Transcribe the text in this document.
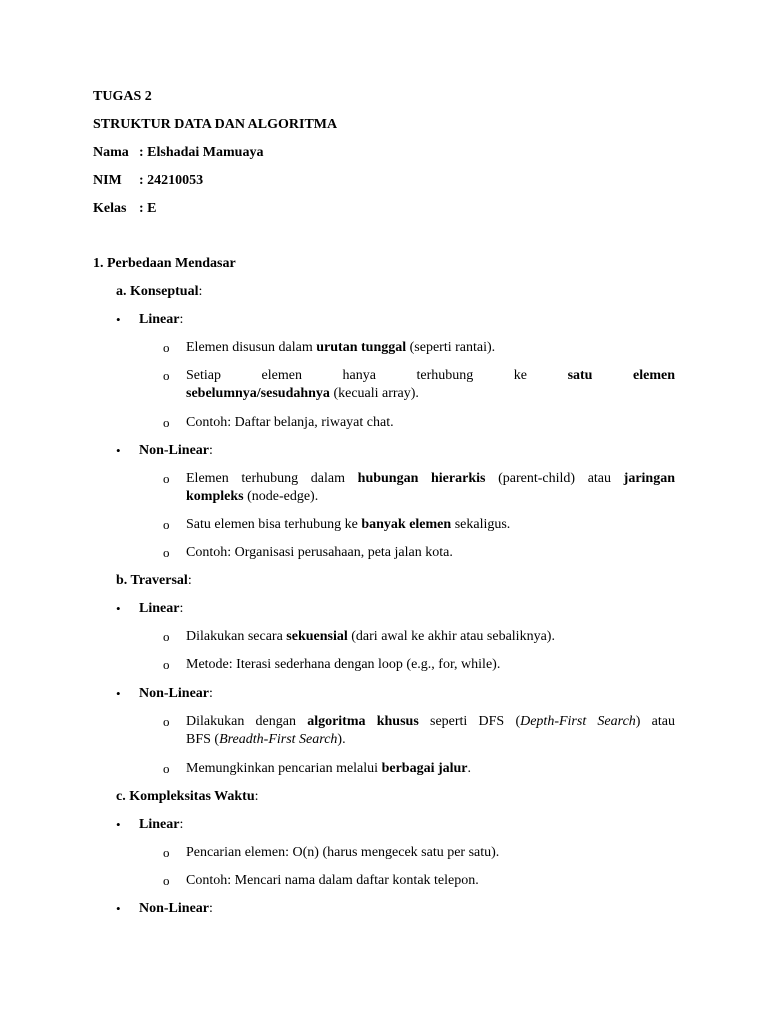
TUGAS 2
STRUKTUR DATA DAN ALGORITMA
Nama : Elshadai Mamuaya
NIM : 24210053
Kelas : E
1. Perbedaan Mendasar
a. Konseptual:
• Linear:
o Elemen disusun dalam urutan tunggal (seperti rantai).
o Setiap elemen hanya terhubung ke satu elemen
sebelumnya/sesudahnya (kecuali array).
o Contoh: Daftar belanja, riwayat chat.
• Non-Linear:
o Elemen terhubung dalam hubungan hierarkis (parent-child) atau jaringan
kompleks (node-edge).
o Satu elemen bisa terhubung ke banyak elemen sekaligus.
o Contoh: Organisasi perusahaan, peta jalan kota.
b. Traversal:
• Linear:
o Dilakukan secara sekuensial (dari awal ke akhir atau sebaliknya).
o Metode: Iterasi sederhana dengan loop (e.g., for, while).
• Non-Linear:
o Dilakukan dengan algoritma khusus seperti DFS (Depth-First Search) atau
BFS (Breadth-First Search).
o Memungkinkan pencarian melalui berbagai jalur.
c. Kompleksitas Waktu:
• Linear:
o Pencarian elemen: O(n) (harus mengecek satu per satu).
o Contoh: Mencari nama dalam daftar kontak telepon.
• Non-Linear:
